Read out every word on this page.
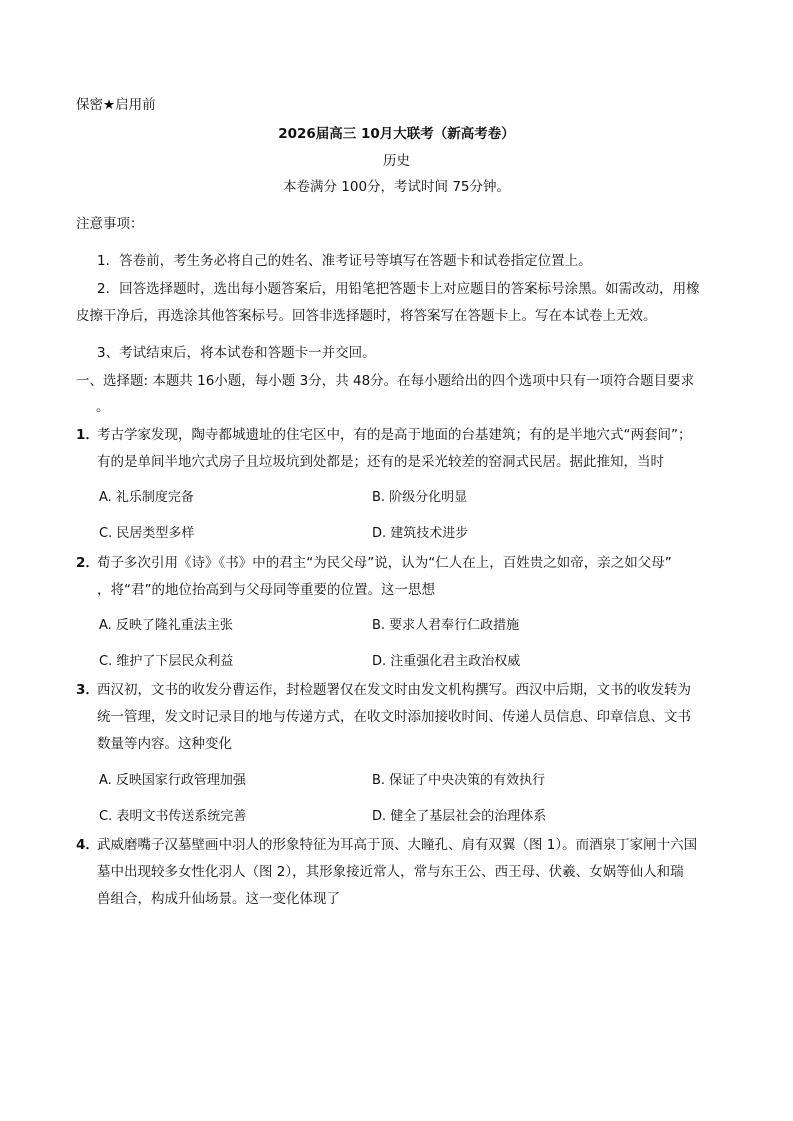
保密★启用前
2026届高三 10月大联考（新高考卷）
历史
本卷满分 100分，考试时间 75分钟。
注意事项：
1．答卷前，考生务必将自己的姓名、准考证号等填写在答题卡和试卷指定位置上。
2．回答选择题时，选出每小题答案后，用铅笔把答题卡上对应题目的答案标号涂黑。如需改动，用橡
皮擦干净后，再选涂其他答案标号。回答非选择题时，将答案写在答题卡上。写在本试卷上无效。
3、考试结束后，将本试卷和答题卡一并交回。
一、选择题: 本题共 16小题，每小题 3分，共 48分。在每小题给出的四个选项中只有一项符合题目要求
。
1．
考古学家发现，陶寺都城遗址的住宅区中，有的是高于地面的台基建筑；有的是半地穴式“两套间”；
有的是单间半地穴式房子且垃圾坑到处都是；还有的是采光较差的窑洞式民居。据此推知，当时
A. 礼乐制度完备	B. 阶级分化明显
C. 民居类型多样	D. 建筑技术进步
2．
荀子多次引用《诗》《书》中的君主“为民父母”说，认为“仁人在上，百姓贵之如帝，亲之如父母”
，将“君”的地位抬高到与父母同等重要的位置。这一思想
A. 反映了隆礼重法主张	B. 要求人君奉行仁政措施
C. 维护了下层民众利益	D. 注重强化君主政治权威
3．
西汉初，文书的收发分曹运作，封检题署仅在发文时由发文机构撰写。西汉中后期，文书的收发转为
统一管理，发文时记录目的地与传递方式，在收文时添加接收时间、传递人员信息、印章信息、文书
数量等内容。这种变化
A. 反映国家行政管理加强	B. 保证了中央决策的有效执行
C. 表明文书传送系统完善	D. 健全了基层社会的治理体系
4．
武威磨嘴子汉墓壁画中羽人的形象特征为耳高于顶、大瞳孔、肩有双翼（图 1）。而酒泉丁家闸十六国
墓中出现较多女性化羽人（图 2），其形象接近常人，常与东王公、西王母、伏羲、女娲等仙人和瑞
兽组合，构成升仙场景。这一变化体现了
